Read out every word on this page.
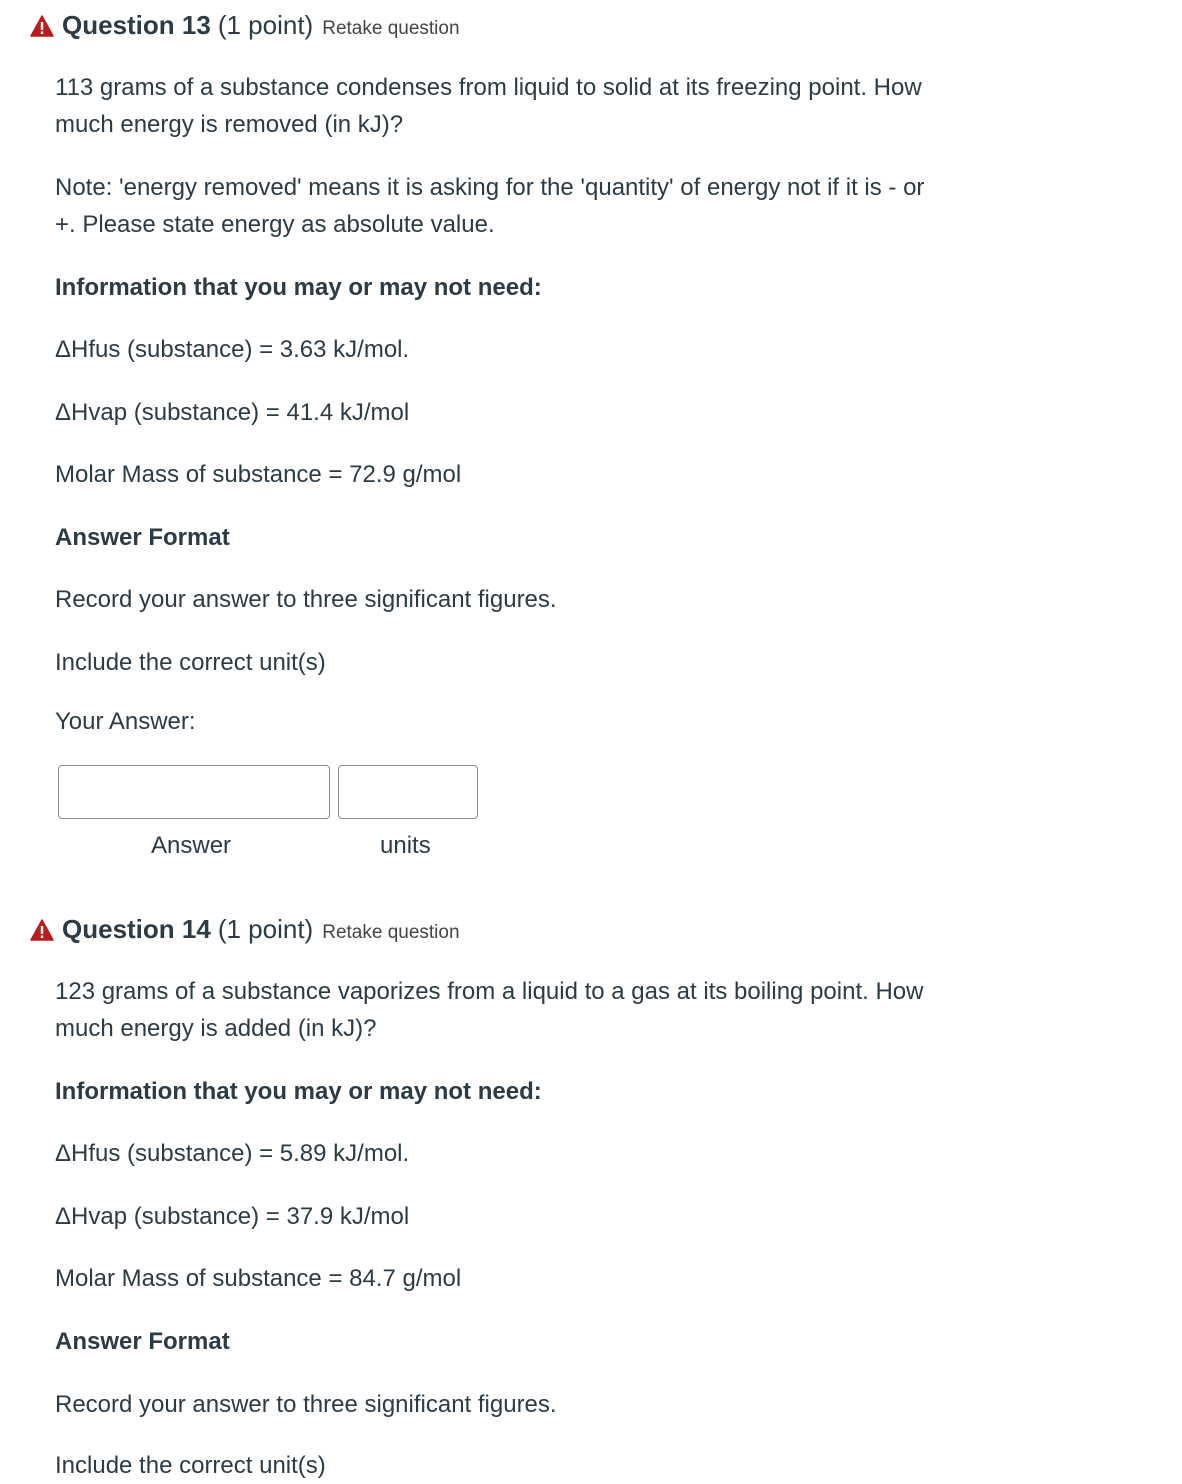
Question 13 (1 point) Retake question
113 grams of a substance condenses from liquid to solid at its freezing point. How
much energy is removed (in kJ)?
Note: 'energy removed' means it is asking for the 'quantity' of energy not if it is - or
+. Please state energy as absolute value.
Information that you may or may not need:
ΔHfus (substance) = 3.63 kJ/mol.
ΔHvap (substance) = 41.4 kJ/mol
Molar Mass of substance = 72.9 g/mol
Answer Format
Record your answer to three significant figures.
Include the correct unit(s)
Your Answer:
Answer	units
Question 14 (1 point) Retake question
123 grams of a substance vaporizes from a liquid to a gas at its boiling point. How
much energy is added (in kJ)?
Information that you may or may not need:
ΔHfus (substance) = 5.89 kJ/mol.
ΔHvap (substance) = 37.9 kJ/mol
Molar Mass of substance = 84.7 g/mol
Answer Format
Record your answer to three significant figures.
Include the correct unit(s)
